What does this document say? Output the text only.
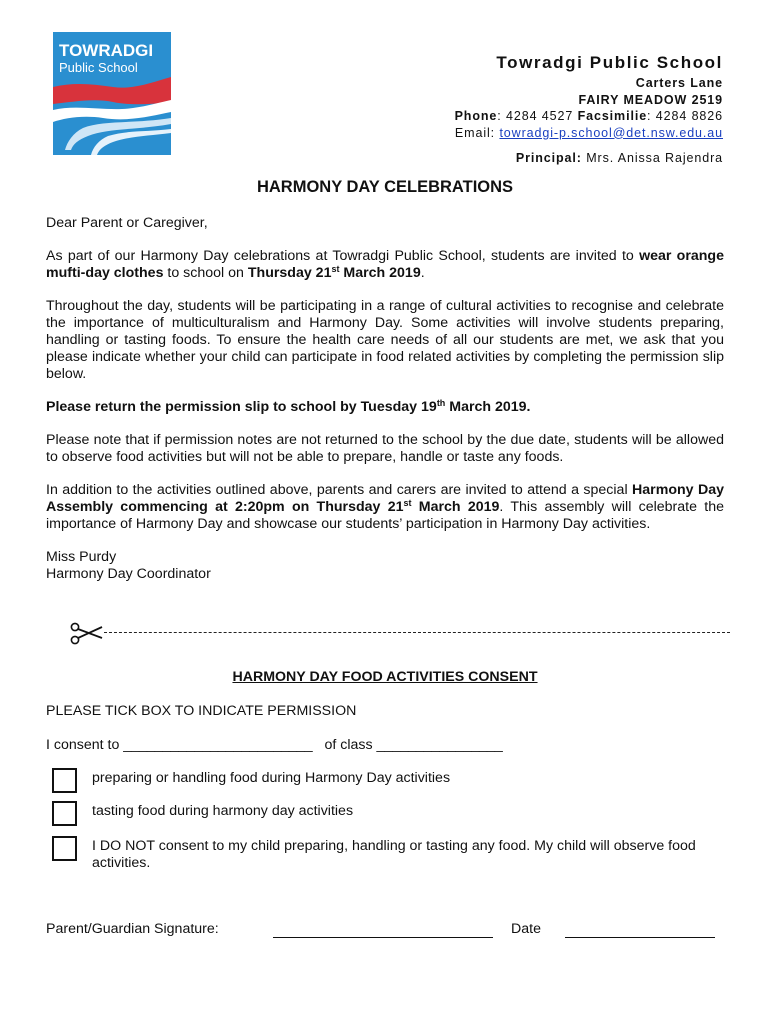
TOWRADGI
Public School	Towradgi Public School
Carters Lane
FAIRY MEADOW 2519
Phone: 4284 4527 Facsimilie: 4284 8826
Email: towradgi-p.school@det.nsw.edu.au
Principal: Mrs. Anissa Rajendra
HARMONY DAY CELEBRATIONS

Dear Parent or Caregiver,

As part of our Harmony Day celebrations at Towradgi Public School, students are invited to wear orange mufti-day clothes to school on Thursday 21st March 2019.

Throughout the day, students will be participating in a range of cultural activities to recognise and celebrate the importance of multiculturalism and Harmony Day. Some activities will involve students preparing, handling or tasting foods. To ensure the health care needs of all our students are met, we ask that you please indicate whether your child can participate in food related activities by completing the permission slip below.

Please return the permission slip to school by Tuesday 19th March 2019.

Please note that if permission notes are not returned to the school by the due date, students will be allowed to observe food activities but will not be able to prepare, handle or taste any foods.

In addition to the activities outlined above, parents and carers are invited to attend a special Harmony Day Assembly commencing at 2:20pm on Thursday 21st March 2019. This assembly will celebrate the importance of Harmony Day and showcase our students’ participation in Harmony Day activities.

Miss Purdy

Harmony Day Coordinator

HARMONY DAY FOOD ACTIVITIES CONSENT
PLEASE TICK BOX TO INDICATE PERMISSION
I consent to ________________________   of class ________________
preparing or handling food during Harmony Day activities
tasting food during harmony day activities
I DO NOT consent to my child preparing, handling or tasting any food. My child will observe food activities.
Parent/Guardian Signature:	Date
